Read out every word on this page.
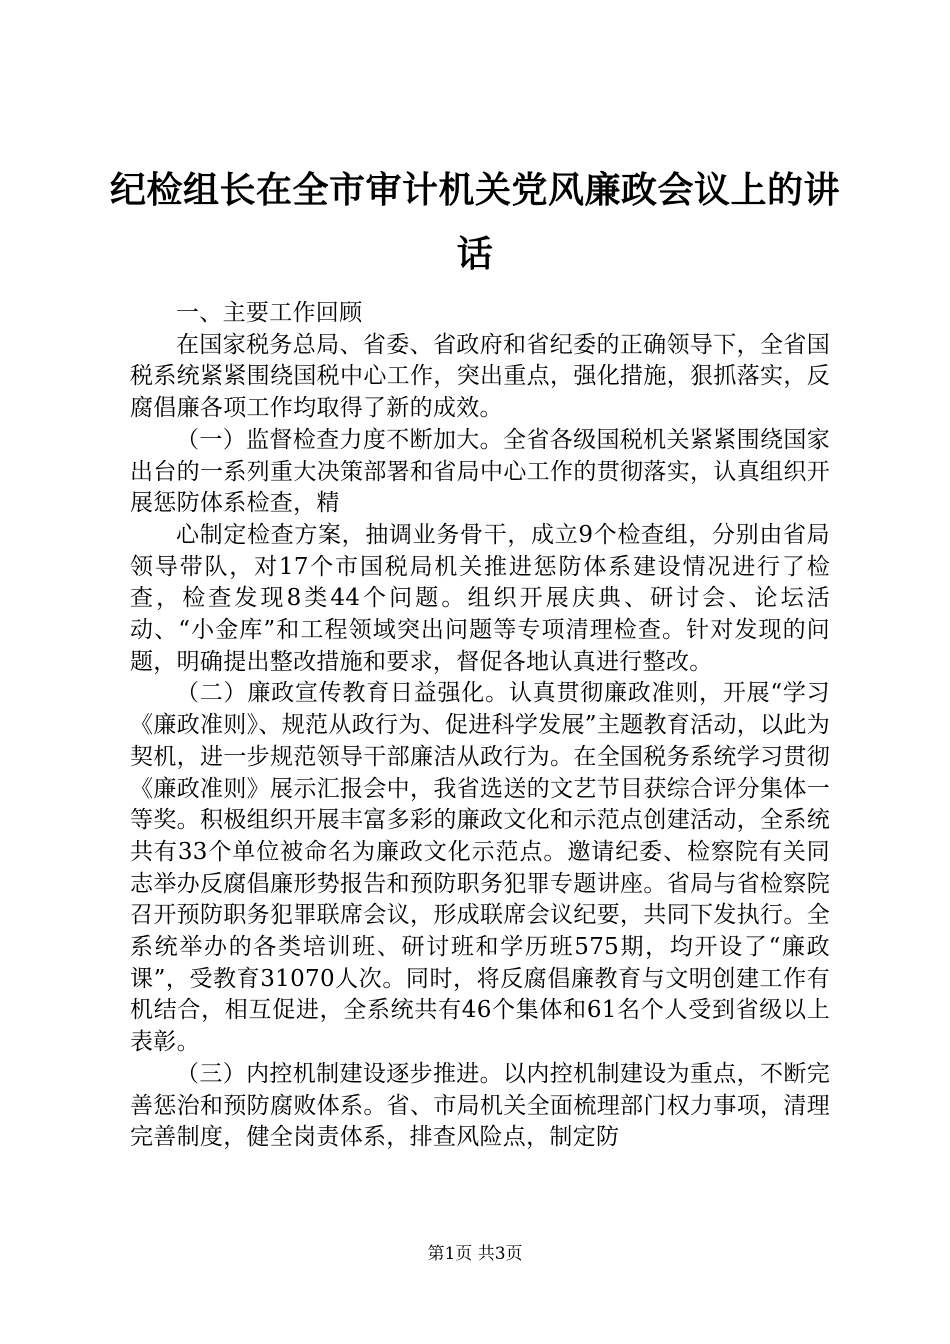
纪检组长在全市审计机关党风廉政会议上的讲话

一、主要工作回顾

在国家税务总局、省委、省政府和省纪委的正确领导下，全省国税系统紧紧围绕国税中心工作，突出重点，强化措施，狠抓落实，反腐倡廉各项工作均取得了新的成效。

（一）监督检查力度不断加大。全省各级国税机关紧紧围绕国家出台的一系列重大决策部署和省局中心工作的贯彻落实，认真组织开展惩防体系检查，精

心制定检查方案，抽调业务骨干，成立9个检查组，分别由省局领导带队，对17个市国税局机关推进惩防体系建设情况进行了检查，检查发现8类44个问题。组织开展庆典、研讨会、论坛活动、“小金库”和工程领域突出问题等专项清理检查。针对发现的问题，明确提出整改措施和要求，督促各地认真进行整改。

（二）廉政宣传教育日益强化。认真贯彻廉政准则，开展“学习《廉政准则》、规范从政行为、促进科学发展”主题教育活动，以此为契机，进一步规范领导干部廉洁从政行为。在全国税务系统学习贯彻《廉政准则》展示汇报会中，我省选送的文艺节目获综合评分集体一等奖。积极组织开展丰富多彩的廉政文化和示范点创建活动，全系统共有33个单位被命名为廉政文化示范点。邀请纪委、检察院有关同志举办反腐倡廉形势报告和预防职务犯罪专题讲座。省局与省检察院召开预防职务犯罪联席会议，形成联席会议纪要，共同下发执行。全系统举办的各类培训班、研讨班和学历班575期，均开设了“廉政课”，受教育31070人次。同时，将反腐倡廉教育与文明创建工作有机结合，相互促进，全系统共有46个集体和61名个人受到省级以上表彰。

（三）内控机制建设逐步推进。以内控机制建设为重点，不断完善惩治和预防腐败体系。省、市局机关全面梳理部门权力事项，清理完善制度，健全岗责体系，排查风险点，制定防

第1页 共3页
